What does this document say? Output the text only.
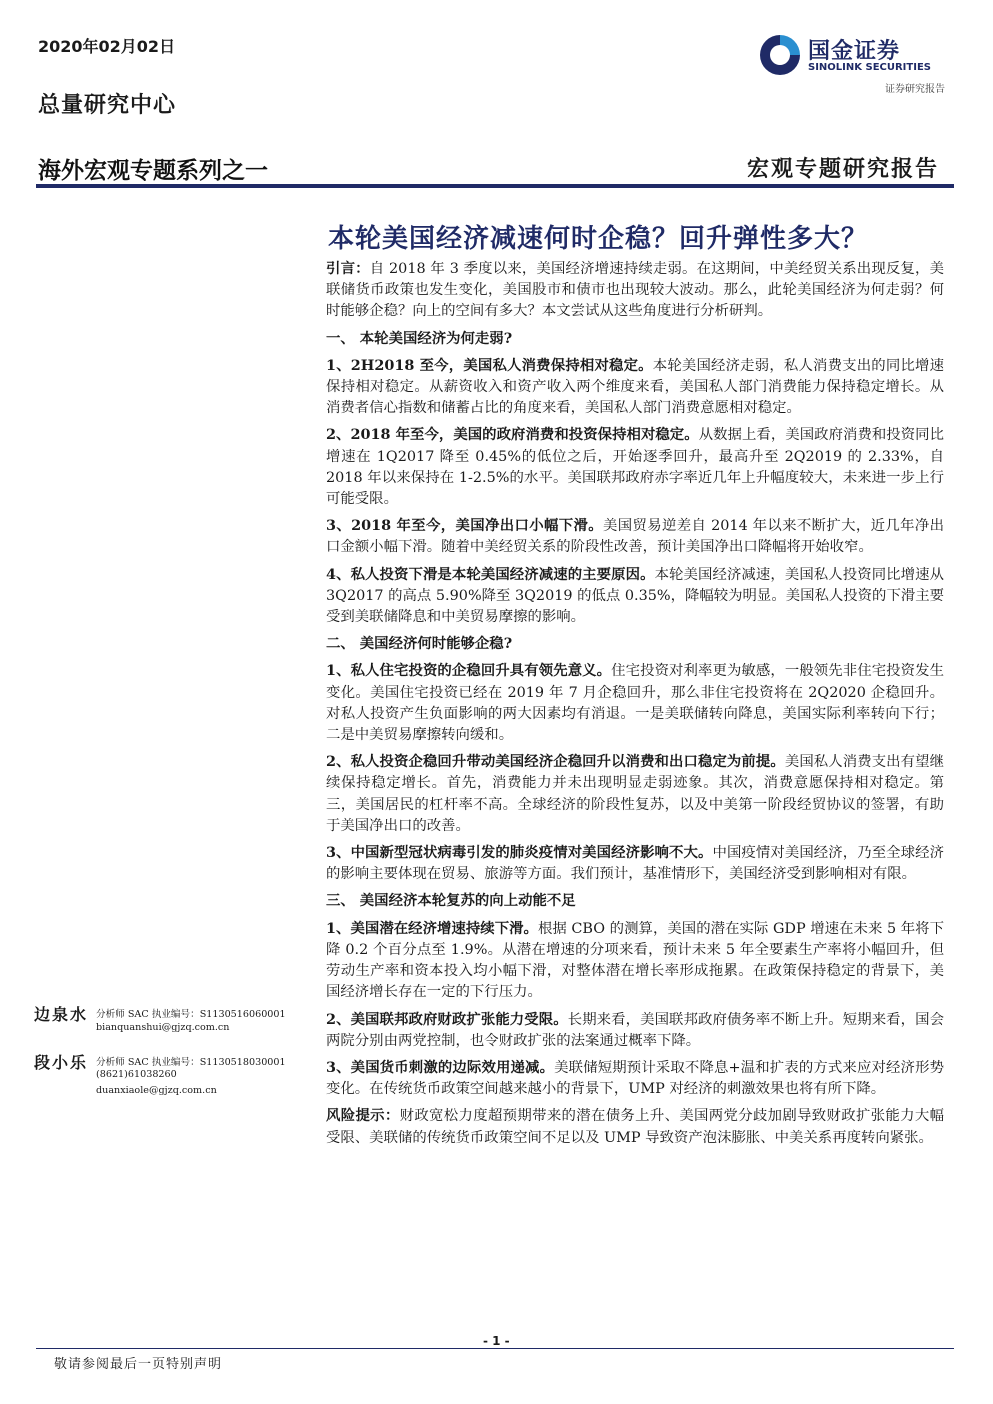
2020年02月02日
总量研究中心
国金证券
SINOLINK SECURITIES
证券研究报告
海外宏观专题系列之一	宏观专题研究报告
本轮美国经济减速何时企稳？回升弹性多大？

引言：自 2018 年 3 季度以来，美国经济增速持续走弱。在这期间，中美经贸关系出现反复，美联储货币政策也发生变化，美国股市和债市也出现较大波动。那么，此轮美国经济为何走弱？何时能够企稳？向上的空间有多大？本文尝试从这些角度进行分析研判。

一、 本轮美国经济为何走弱?

1、2H2018 至今，美国私人消费保持相对稳定。本轮美国经济走弱，私人消费支出的同比增速保持相对稳定。从薪资收入和资产收入两个维度来看，美国私人部门消费能力保持稳定增长。从消费者信心指数和储蓄占比的角度来看，美国私人部门消费意愿相对稳定。

2、2018 年至今，美国的政府消费和投资保持相对稳定。从数据上看，美国政府消费和投资同比增速在 1Q2017 降至 0.45%的低位之后，开始逐季回升，最高升至 2Q2019 的 2.33%，自 2018 年以来保持在 1-2.5%的水平。美国联邦政府赤字率近几年上升幅度较大，未来进一步上行可能受限。

3、2018 年至今，美国净出口小幅下滑。美国贸易逆差自 2014 年以来不断扩大，近几年净出口金额小幅下滑。随着中美经贸关系的阶段性改善，预计美国净出口降幅将开始收窄。

4、私人投资下滑是本轮美国经济减速的主要原因。本轮美国经济减速，美国私人投资同比增速从 3Q2017 的高点 5.90%降至 3Q2019 的低点 0.35%，降幅较为明显。美国私人投资的下滑主要受到美联储降息和中美贸易摩擦的影响。

二、 美国经济何时能够企稳?

1、私人住宅投资的企稳回升具有领先意义。住宅投资对利率更为敏感，一般领先非住宅投资发生变化。美国住宅投资已经在 2019 年 7 月企稳回升，那么非住宅投资将在 2Q2020 企稳回升。对私人投资产生负面影响的两大因素均有消退。一是美联储转向降息，美国实际利率转向下行；二是中美贸易摩擦转向缓和。

2、私人投资企稳回升带动美国经济企稳回升以消费和出口稳定为前提。美国私人消费支出有望继续保持稳定增长。首先，消费能力并未出现明显走弱迹象。其次，消费意愿保持相对稳定。第三，美国居民的杠杆率不高。全球经济的阶段性复苏，以及中美第一阶段经贸协议的签署，有助于美国净出口的改善。

3、中国新型冠状病毒引发的肺炎疫情对美国经济影响不大。中国疫情对美国经济，乃至全球经济的影响主要体现在贸易、旅游等方面。我们预计，基准情形下，美国经济受到影响相对有限。

三、 美国经济本轮复苏的向上动能不足

1、美国潜在经济增速持续下滑。根据 CBO 的测算，美国的潜在实际 GDP 增速在未来 5 年将下降 0.2 个百分点至 1.9%。从潜在增速的分项来看，预计未来 5 年全要素生产率将小幅回升，但劳动生产率和资本投入均小幅下滑，对整体潜在增长率形成拖累。在政策保持稳定的背景下，美国经济增长存在一定的下行压力。

2、美国联邦政府财政扩张能力受限。长期来看，美国联邦政府债务率不断上升。短期来看，国会两院分别由两党控制，也令财政扩张的法案通过概率下降。

3、美国货币刺激的边际效用递减。美联储短期预计采取不降息+温和扩表的方式来应对经济形势变化。在传统货币政策空间越来越小的背景下，UMP 对经济的刺激效果也将有所下降。

风险提示：财政宽松力度超预期带来的潜在债务上升、美国两党分歧加剧导致财政扩张能力大幅受限、美联储的传统货币政策空间不足以及 UMP 导致资产泡沫膨胀、中美关系再度转向紧张。

边泉水 分析师 SAC 执业编号：S1130516060001
bianquanshui@gjzq.com.cn
段小乐 分析师 SAC 执业编号：S1130518030001
(8621)61038260
duanxiaole@gjzq.com.cn
- 1 -
敬请参阅最后一页特别声明
